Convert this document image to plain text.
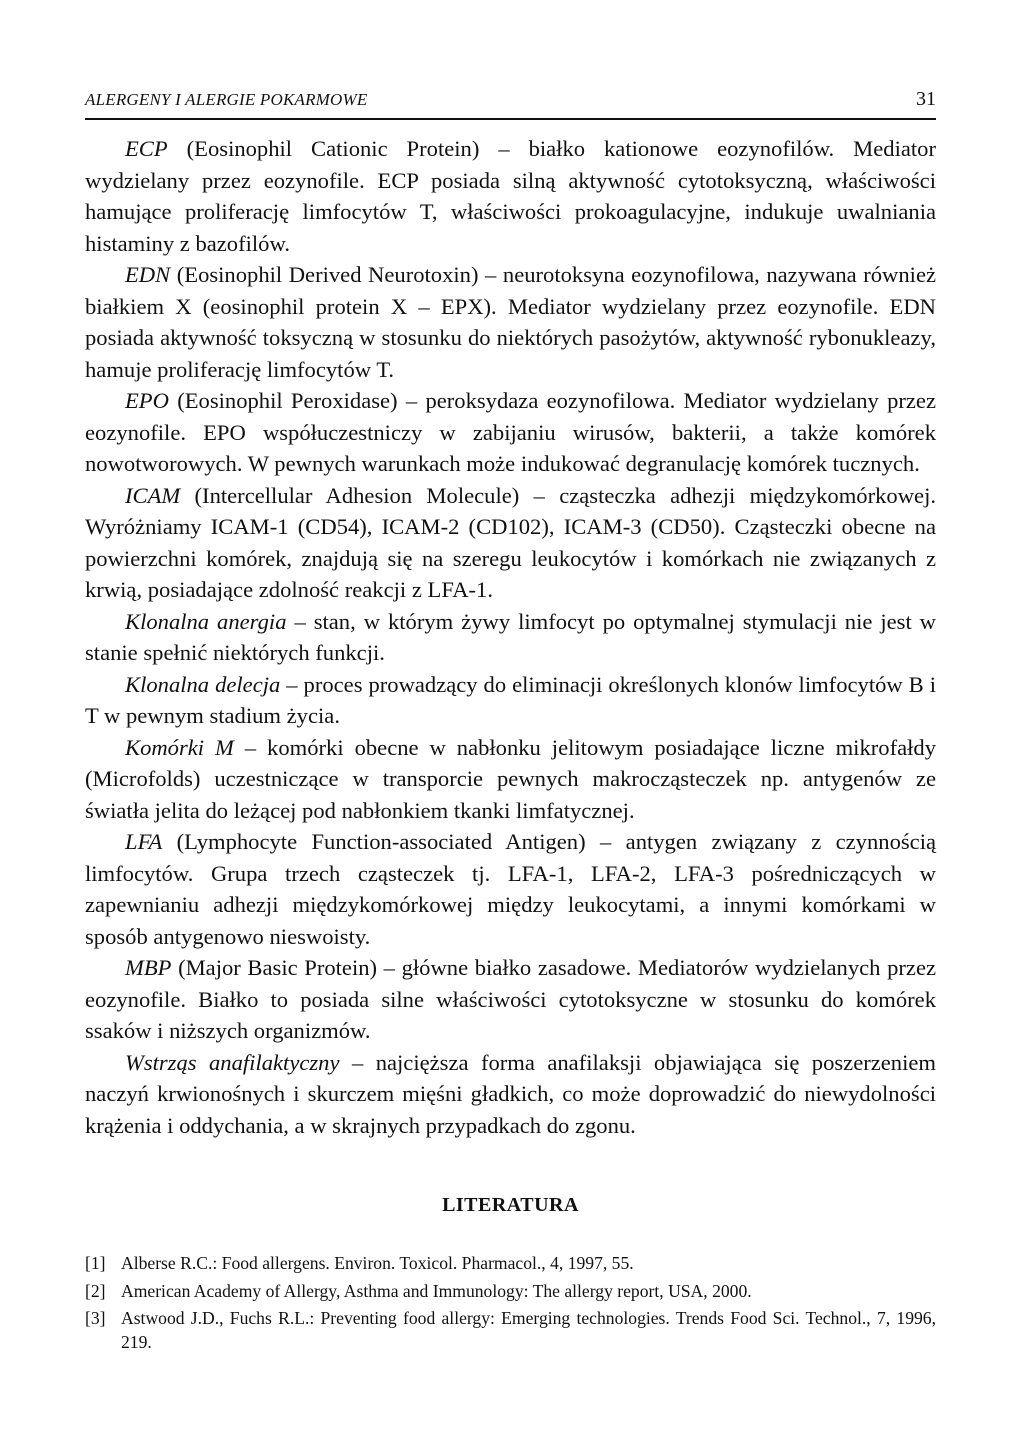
ALERGENY I ALERGIE POKARMOWE	31

ECP (Eosinophil Cationic Protein) – białko kationowe eozynofilów. Mediator wydzielany przez eozynofile. ECP posiada silną aktywność cytotoksyczną, właściwości hamujące proliferację limfocytów T, właściwości prokoagulacyjne, indukuje uwalniania histaminy z bazofilów.

EDN (Eosinophil Derived Neurotoxin) – neurotoksyna eozynofilowa, nazywana również białkiem X (eosinophil protein X – EPX). Mediator wydzielany przez eozynofile. EDN posiada aktywność toksyczną w stosunku do niektórych pasożytów, aktywność rybonukleazy, hamuje proliferację limfocytów T.

EPO (Eosinophil Peroxidase) – peroksydaza eozynofilowa. Mediator wydzielany przez eozynofile. EPO współuczestniczy w zabijaniu wirusów, bakterii, a także komórek nowotworowych. W pewnych warunkach może indukować degranulację komórek tucznych.

ICAM (Intercellular Adhesion Molecule) – cząsteczka adhezji międzykomórkowej. Wyróżniamy ICAM-1 (CD54), ICAM-2 (CD102), ICAM-3 (CD50). Cząsteczki obecne na powierzchni komórek, znajdują się na szeregu leukocytów i komórkach nie związanych z krwią, posiadające zdolność reakcji z LFA-1.

Klonalna anergia – stan, w którym żywy limfocyt po optymalnej stymulacji nie jest w stanie spełnić niektórych funkcji.

Klonalna delecja – proces prowadzący do eliminacji określonych klonów limfocytów B i T w pewnym stadium życia.

Komórki M – komórki obecne w nabłonku jelitowym posiadające liczne mikrofałdy (Microfolds) uczestniczące w transporcie pewnych makrocząsteczek np. antygenów ze światła jelita do leżącej pod nabłonkiem tkanki limfatycznej.

LFA (Lymphocyte Function-associated Antigen) – antygen związany z czynnością limfocytów. Grupa trzech cząsteczek tj. LFA-1, LFA-2, LFA-3 pośredniczących w zapewnianiu adhezji międzykomórkowej między leukocytami, a innymi komórkami w sposób antygenowo nieswoisty.

MBP (Major Basic Protein) – główne białko zasadowe. Mediatorów wydzielanych przez eozynofile. Białko to posiada silne właściwości cytotoksyczne w stosunku do komórek ssaków i niższych organizmów.

Wstrząs anafilaktyczny – najcięższa forma anafilaksji objawiająca się poszerzeniem naczyń krwionośnych i skurczem mięśni gładkich, co może doprowadzić do niewydolności krążenia i oddychania, a w skrajnych przypadkach do zgonu.

LITERATURA
[1] Alberse R.C.: Food allergens. Environ. Toxicol. Pharmacol., 4, 1997, 55.
[2] American Academy of Allergy, Asthma and Immunology: The allergy report, USA, 2000.
[3] Astwood J.D., Fuchs R.L.: Preventing food allergy: Emerging technologies. Trends Food Sci. Technol., 7, 1996, 219.
